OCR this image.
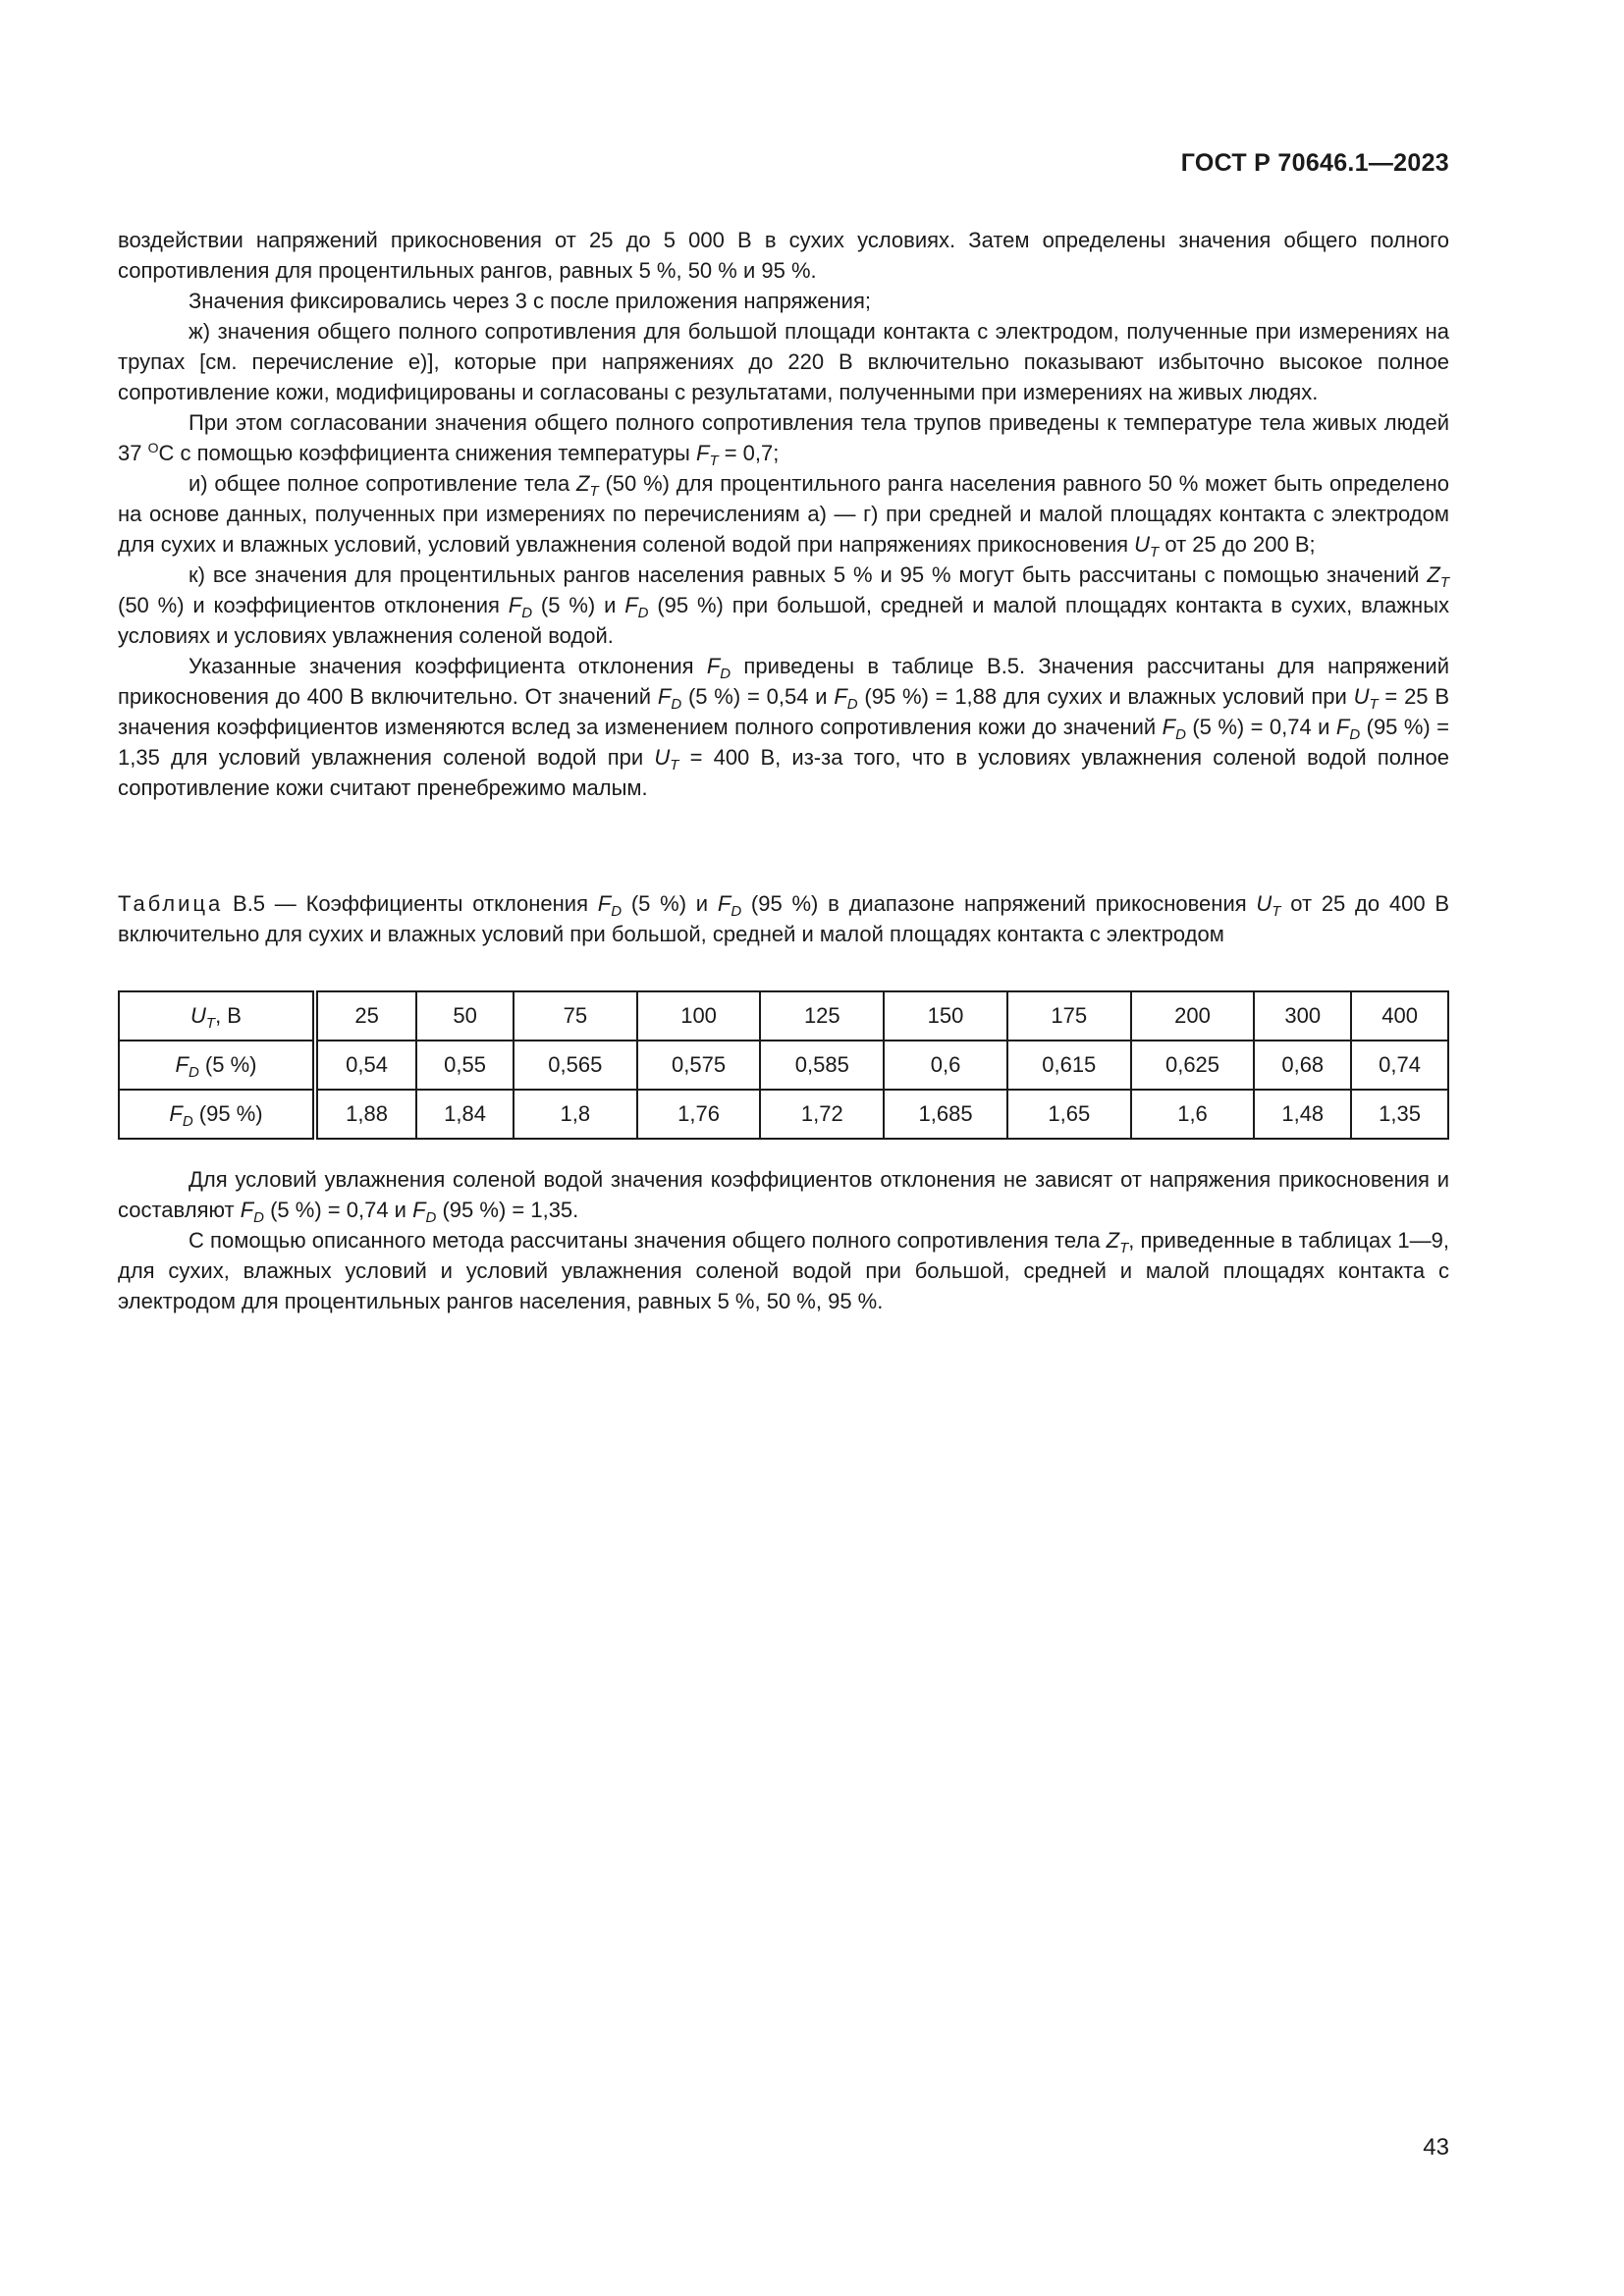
ГОСТ Р 70646.1—2023

воздействии напряжений прикосновения от 25 до 5 000 В в сухих условиях. Затем определены значения общего полного сопротивления для процентильных рангов, равных 5 %, 50 % и 95 %.

Значения фиксировались через 3 с после приложения напряжения;

ж) значения общего полного сопротивления для большой площади контакта с электродом, полученные при измерениях на трупах [см. перечисление е)], которые при напряжениях до 220 В включительно показывают избыточно высокое полное сопротивление кожи, модифицированы и согласованы с результатами, полученными при измерениях на живых людях.

При этом согласовании значения общего полного сопротивления тела трупов приведены к температуре тела живых людей 37 $^О$С с помощью коэффициента снижения температуры $F_T = 0,7$;

и) общее полное сопротивление тела $Z_T$ (50 %) для процентильного ранга населения равного 50 % может быть определено на основе данных, полученных при измерениях по перечислениям а) — г) при средней и малой площадях контакта с электродом для сухих и влажных условий, условий увлажнения соленой водой при напряжениях прикосновения $U_T$ от 25 до 200 В;

к) все значения для процентильных рангов населения равных 5 % и 95 % могут быть рассчитаны с помощью значений $Z_T$ (50 %) и коэффициентов отклонения $F_D$ (5 %) и $F_D$ (95 %) при большой, средней и малой площадях контакта в сухих, влажных условиях и условиях увлажнения соленой водой.

Указанные значения коэффициента отклонения $F_D$ приведены в таблице В.5. Значения рассчитаны для напряжений прикосновения до 400 В включительно. От значений $F_D$ (5 %) = 0,54 и $F_D$ (95 %) = 1,88 для сухих и влажных условий при $U_T = 25$ В значения коэффициентов изменяются вслед за изменением полного сопротивления кожи до значений $F_D$ (5 %) = 0,74 и $F_D$ (95 %) = 1,35 для условий увлажнения соленой водой при $U_T = 400$ В, из-за того, что в условиях увлажнения соленой водой полное сопротивление кожи считают пренебрежимо малым.

Таблица В.5 — Коэффициенты отклонения $F_D$ (5 %) и $F_D$ (95 %) в диапазоне напряжений прикосновения $U_T$ от 25 до 400 В включительно для сухих и влажных условий при большой, средней и малой площадях контакта с электродом
$U_T$, В	25	50	75	100	125	150	175	200	300	400
$F_D$ (5 %)	0,54	0,55	0,565	0,575	0,585	0,6	0,615	0,625	0,68	0,74
$F_D$ (95 %)	1,88	1,84	1,8	1,76	1,72	1,685	1,65	1,6	1,48	1,35

Для условий увлажнения соленой водой значения коэффициентов отклонения не зависят от напряжения прикосновения и составляют $F_D$ (5 %) = 0,74 и $F_D$ (95 %) = 1,35.

С помощью описанного метода рассчитаны значения общего полного сопротивления тела $Z_T$, приведенные в таблицах 1—9, для сухих, влажных условий и условий увлажнения соленой водой при большой, средней и малой площадях контакта с электродом для процентильных рангов населения, равных 5 %, 50 %, 95 %.

43
